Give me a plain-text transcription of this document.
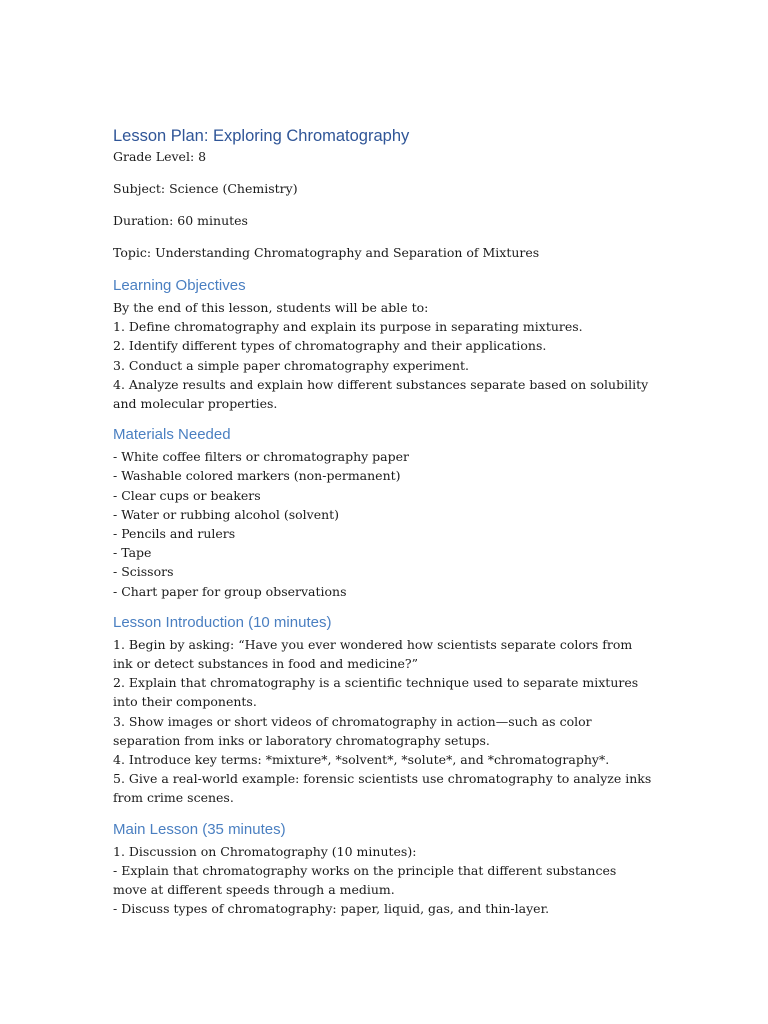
Lesson Plan: Exploring Chromatography

Grade Level: 8

Subject: Science (Chemistry)

Duration: 60 minutes

Topic: Understanding Chromatography and Separation of Mixtures

Learning Objectives

By the end of this lesson, students will be able to:

1. Define chromatography and explain its purpose in separating mixtures.
2. Identify different types of chromatography and their applications.
3. Conduct a simple paper chromatography experiment.
4. Analyze results and explain how different substances separate based on solubility and molecular properties.
Materials Needed
- White coffee filters or chromatography paper
- Washable colored markers (non-permanent)
- Clear cups or beakers
- Water or rubbing alcohol (solvent)
- Pencils and rulers
- Tape
- Scissors
- Chart paper for group observations
Lesson Introduction (10 minutes)
1. Begin by asking: “Have you ever wondered how scientists separate colors from ink or detect substances in food and medicine?”
2. Explain that chromatography is a scientific technique used to separate mixtures into their components.
3. Show images or short videos of chromatography in action—such as color separation from inks or laboratory chromatography setups.
4. Introduce key terms: *mixture*, *solvent*, *solute*, and *chromatography*.
5. Give a real-world example: forensic scientists use chromatography to analyze inks from crime scenes.
Main Lesson (35 minutes)
1. Discussion on Chromatography (10 minutes):
- Explain that chromatography works on the principle that different substances move at different speeds through a medium.
- Discuss types of chromatography: paper, liquid, gas, and thin-layer.
